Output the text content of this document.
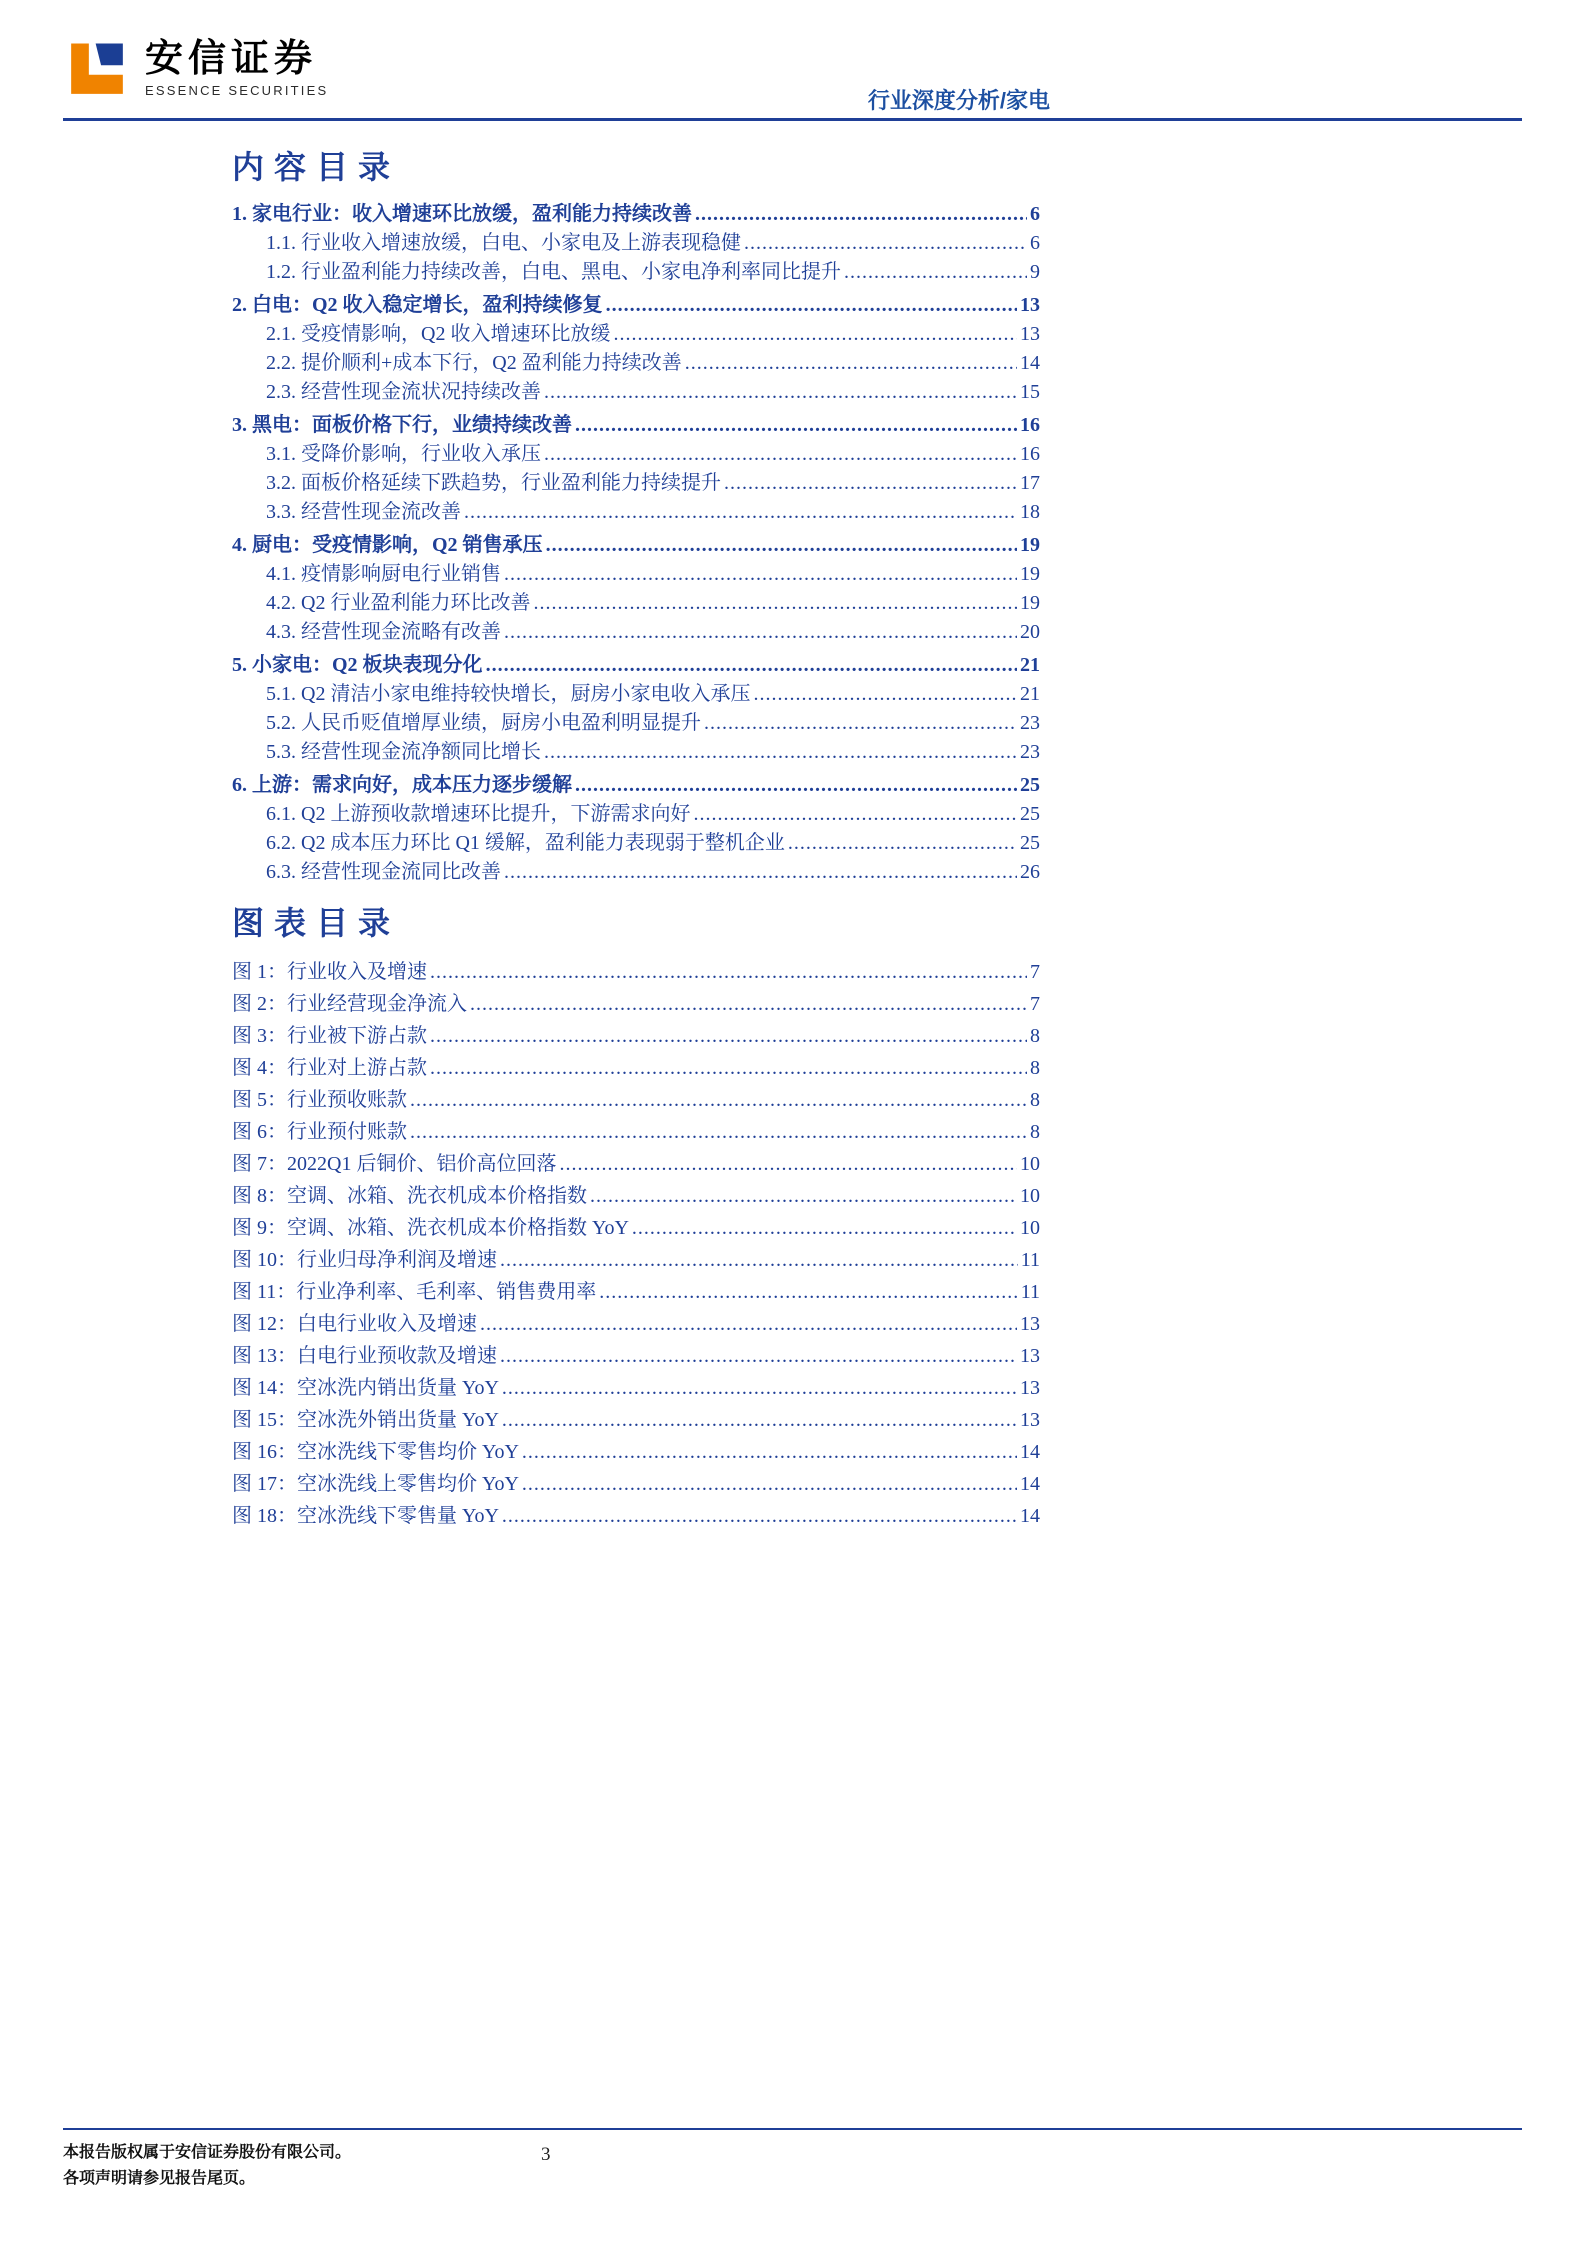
安信证券
ESSENCE SECURITIES	行业深度分析/家电
内容目录
1. 家电行业：收入增速环比放缓，盈利能力持续改善 .....	6
1.1. 行业收入增速放缓，白电、小家电及上游表现稳健 .....	6
1.2. 行业盈利能力持续改善，白电、黑电、小家电净利率同比提升 .....	9
2. 白电：Q2 收入稳定增长，盈利持续修复 .....	13
2.1. 受疫情影响，Q2 收入增速环比放缓 .....	13
2.2. 提价顺利+成本下行，Q2 盈利能力持续改善 .....	14
2.3. 经营性现金流状况持续改善 .....	15
3. 黑电：面板价格下行，业绩持续改善 .....	16
3.1. 受降价影响，行业收入承压 .....	16
3.2. 面板价格延续下跌趋势，行业盈利能力持续提升 .....	17
3.3. 经营性现金流改善 .....	18
4. 厨电：受疫情影响，Q2 销售承压 .....	19
4.1. 疫情影响厨电行业销售 .....	19
4.2. Q2 行业盈利能力环比改善 .....	19
4.3. 经营性现金流略有改善 .....	20
5. 小家电：Q2 板块表现分化 .....	21
5.1. Q2 清洁小家电维持较快增长，厨房小家电收入承压 .....	21
5.2. 人民币贬值增厚业绩，厨房小电盈利明显提升 .....	23
5.3. 经营性现金流净额同比增长 .....	23
6. 上游：需求向好，成本压力逐步缓解 .....	25
6.1. Q2 上游预收款增速环比提升，下游需求向好 .....	25
6.2. Q2 成本压力环比 Q1 缓解，盈利能力表现弱于整机企业 .....	25
6.3. 经营性现金流同比改善 .....	26
图表目录
图 1：行业收入及增速 .....	7
图 2：行业经营现金净流入 .....	7
图 3：行业被下游占款 .....	8
图 4：行业对上游占款 .....	8
图 5：行业预收账款 .....	8
图 6：行业预付账款 .....	8
图 7：2022Q1 后铜价、铝价高位回落 .....	10
图 8：空调、冰箱、洗衣机成本价格指数 .....	10
图 9：空调、冰箱、洗衣机成本价格指数 YoY .....	10
图 10：行业归母净利润及增速 .....	11
图 11：行业净利率、毛利率、销售费用率 .....	11
图 12：白电行业收入及增速 .....	13
图 13：白电行业预收款及增速 .....	13
图 14：空冰洗内销出货量 YoY .....	13
图 15：空冰洗外销出货量 YoY .....	13
图 16：空冰洗线下零售均价 YoY .....	14
图 17：空冰洗线上零售均价 YoY .....	14
图 18：空冰洗线下零售量 YoY .....	14
本报告版权属于安信证券股份有限公司。
各项声明请参见报告尾页。
3
